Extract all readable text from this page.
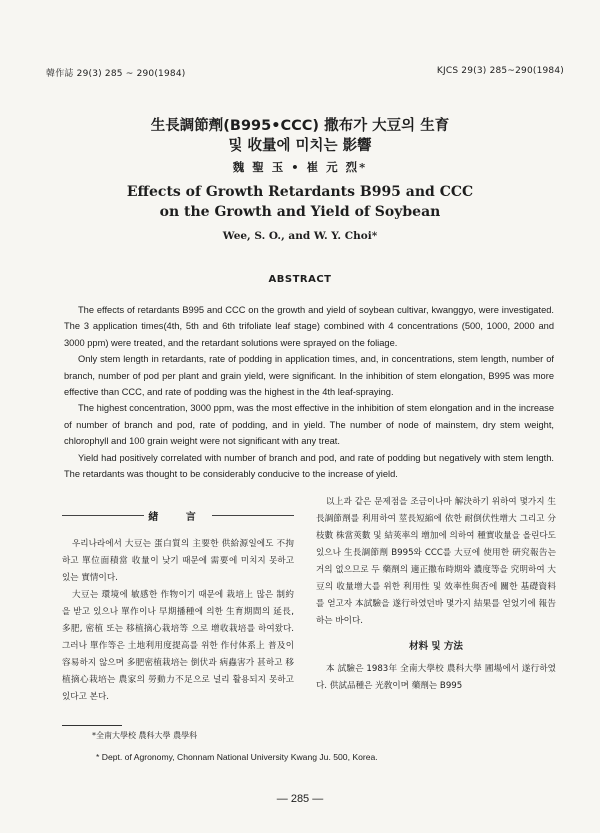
韓作誌 29(3) 285 ~ 290(1984)	KJCS 29(3) 285~290(1984)
生長調節劑(B995•CCC) 撒布가 大豆의 生育
및 收量에 미치는 影響
魏 聖 玉 • 崔 元 烈*
Effects of Growth Retardants B995 and CCC
on the Growth and Yield of Soybean
Wee, S. O., and W. Y. Choi*
ABSTRACT

The effects of retardants B995 and CCC on the growth and yield of soybean cultivar, kwanggyo, were investigated. The 3 application times(4th, 5th and 6th trifoliate leaf stage) combined with 4 concentrations (500, 1000, 2000 and 3000 ppm) were treated, and the retardant solutions were sprayed on the foliage.

Only stem length in retardants, rate of podding in application times, and, in concentrations, stem length, number of branch, number of pod per plant and grain yield, were significant. In the inhibition of stem elongation, B995 was more effective than CCC, and rate of podding was the highest in the 4th leaf-spraying.

The highest concentration, 3000 ppm, was the most effective in the inhibition of stem elongation and in the increase of number of branch and pod, rate of podding, and in yield. The number of node of mainstem, dry stem weight, chlorophyll and 100 grain weight were not significant with any treat.

Yield had positively correlated with number of branch and pod, and rate of podding but negatively with stem length. The retardants was thought to be considerably conducive to the increase of yield.

緖 言

우리나라에서 大豆는 蛋白質의 主要한 供給源일에도 不拘하고 單位面積當 收量이 낮기 때문에 需要에 미치지 못하고 있는 實情이다.

大豆는 環境에 敏感한 作物이기 때문에 栽培上 많은 制約을 받고 있으나 單作이나 早期播種에 의한 生育期間의 延長, 多肥, 密植 또는 移植摘心栽培等 으로 增收栽培를 하여왔다. 그러나 單作等은 土地利用度提高를 위한 作付体系上 普及이 容易하지 않으며 多肥密植栽培는 倒伏과 病蟲害가 甚하고 移植摘心栽培는 農家의 勞動力不足으로 널리 활용되지 못하고 있다고 본다.

以上과 같은 문제점을 조금이나마 解決하기 위하여 몇가지 生長調節劑를 利用하여 莖長短縮에 依한 耐倒伏性增大 그리고 分枝數 株當莢數 및 結莢率의 增加에 의하여 種實收量을 올린다도 있으나 生長調節劑 B995와 CCC를 大豆에 使用한 硏究報告는 거의 없으므로 두 藥劑의 適正撒布時期와 濃度等을 究明하여 大豆의 收量增大를 위한 利用性 및 效率性與否에 關한 基礎資料를 얻고자 本試驗을 遂行하였던바 몇가지 結果를 얻었기에 報告하는 바이다.

材料 및 方法

本 試驗은 1983年 全南大學校 農科大學 圃場에서 遂行하였다. 供試品種은 光敎이며 藥劑는 B995

*全南大學校 農科大學 農學科
* Dept. of Agronomy, Chonnam National University Kwang Ju. 500, Korea.
— 285 —
